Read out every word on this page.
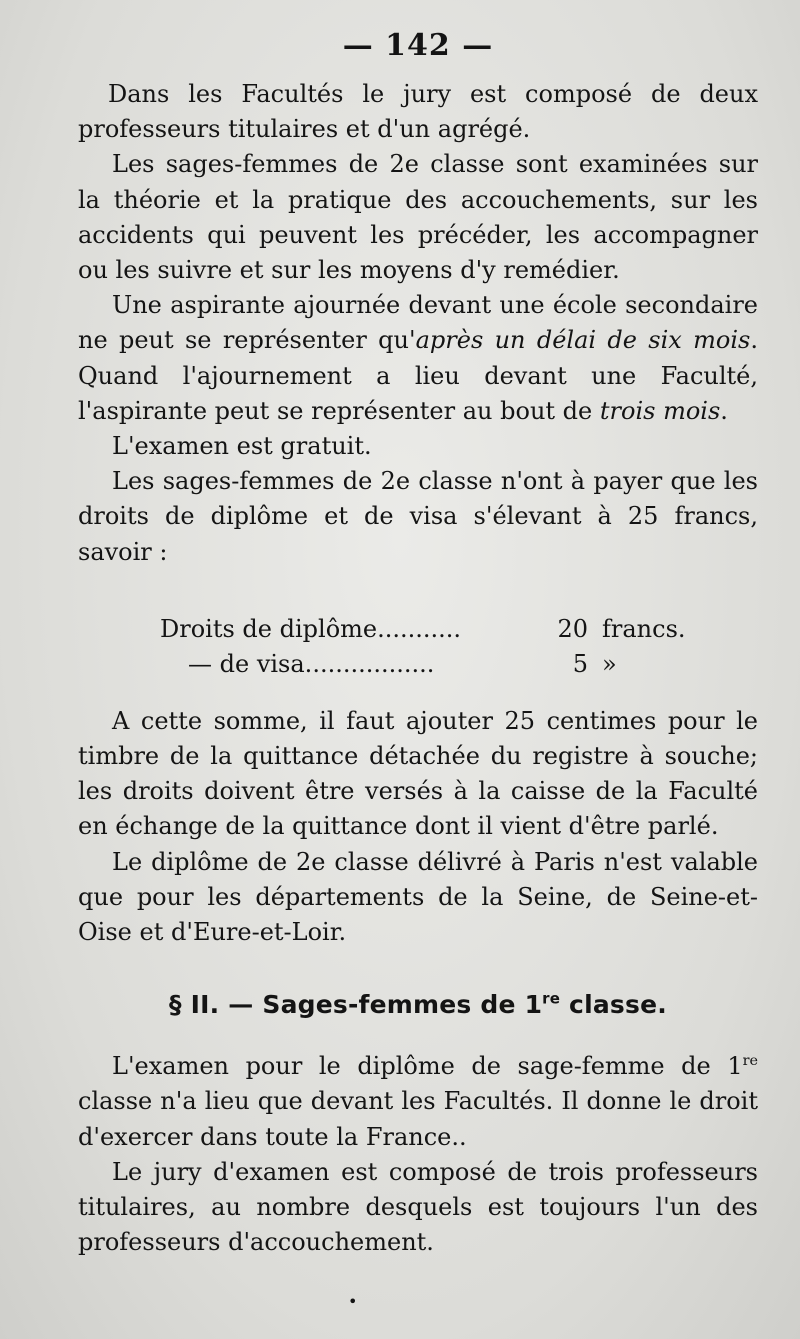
— 142 —

Dans les Facultés le jury est composé de deux professeurs titulaires et d'un agrégé.

Les sages-femmes de 2e classe sont examinées sur la théorie et la pratique des accouchements, sur les accidents qui peuvent les précéder, les accompagner ou les suivre et sur les moyens d'y remédier.

Une aspirante ajournée devant une école secondaire ne peut se représenter qu'après un délai de six mois. Quand l'ajournement a lieu devant une Faculté, l'aspirante peut se représenter au bout de trois mois.

L'examen est gratuit.

Les sages-femmes de 2e classe n'ont à payer que les droits de diplôme et de visa s'élevant à 25 francs, savoir :

Droits de diplôme...........	20 francs.
— de visa.................	5 »

A cette somme, il faut ajouter 25 centimes pour le timbre de la quittance détachée du registre à souche; les droits doivent être versés à la caisse de la Faculté en échange de la quittance dont il vient d'être parlé.

Le diplôme de 2e classe délivré à Paris n'est valable que pour les départements de la Seine, de Seine-et-Oise et d'Eure-et-Loir.

§ II. — Sages-femmes de 1re classe.

L'examen pour le diplôme de sage-femme de 1re classe n'a lieu que devant les Facultés. Il donne le droit d'exercer dans toute la France..

Le jury d'examen est composé de trois professeurs titulaires, au nombre desquels est toujours l'un des professeurs d'accouchement.

•
